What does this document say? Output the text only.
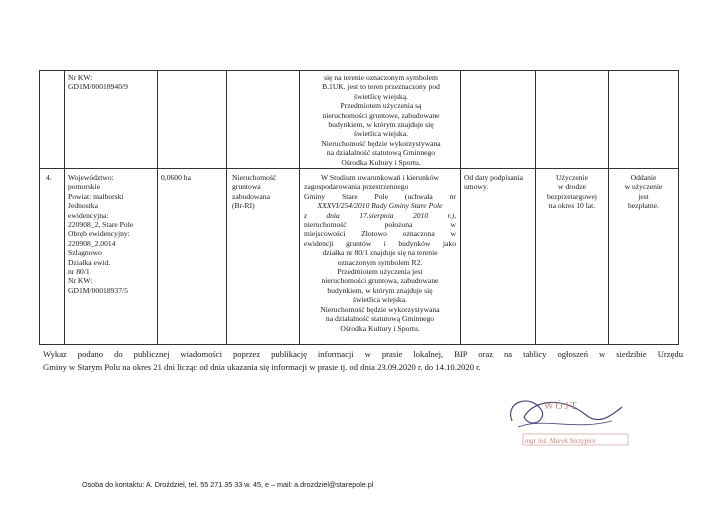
Nr KW:
GD1M/00018940/9
się na terenie oznaczonym symbolem
B.1UK. jest to teren przeznaczony pod
świetlicę wiejską.
Przedmiotem użyczenia są
nieruchomości gruntowe, zabudowane
budynkiem, w którym znajduje się
świetlica wiejska.
Nieruchomość będzie wykorzystywana
na działalność statutową Gminnego
Ośrodka Kultury i Sportu.
4. Województwo:
pomorskie
Powiat: malborski
Jednostka
ewidencyjna:
220908_2, Stare Pole
Obręb ewidencyjny:
220908_2.0014
Szlagnowo
Działka ewid.
nr 80/1
Nr KW:
GD1M/00018937/5
0,0600 ha	Nieruchomość
gruntowa
zabudowana
(Br-RI)
W Studium uwarunkowań i kierunków
zagospodarowania przestrzennego
Gminy Stare Pole (uchwała nr
XXXVI/254/2010 Rady Gminy Stare Pole
z dnia 17.sierpnia 2010 r.),
nieruchomość położona w
miejscowości Złotowo oznaczona w
ewidencji gruntów i budynków jako
działka nr 80/1 znajduje się na terenie
oznaczonym symbolem R2.
Przedmiotem użyczenia jest
nieruchomości gruntowa, zabudowane
budynkiem, w którym znajduje się
świetlica wiejska.
Nieruchomość będzie wykorzystywana
na działalność statutową Gminnego
Ośrodka Kultury i Sportu.
Od daty podpisania
umowy.
Użyczenie
w drodze
bezprzetargowej
na okres 10 lat.
Oddanie
w użyczenie
jest
bezpłatne.
Wykaz podano do publicznej wiadomości poprzez publikację informacji w prasie lokalnej, BIP oraz na tablicy ogłoszeń w siedzibie Urzędu
Gminy w Starym Polu na okres 21 dni licząc od dnia ukazania się informacji w prasie tj. od dnia 23.09.2020 r. do 14.10.2020 r.
WÓJT
mgr inż. Marek Szczypior
Osoba do kontaktu: A. Droździel, tel. 55 271 35 33 w. 45, e – mail: a.drozdziel@starepole.pl
